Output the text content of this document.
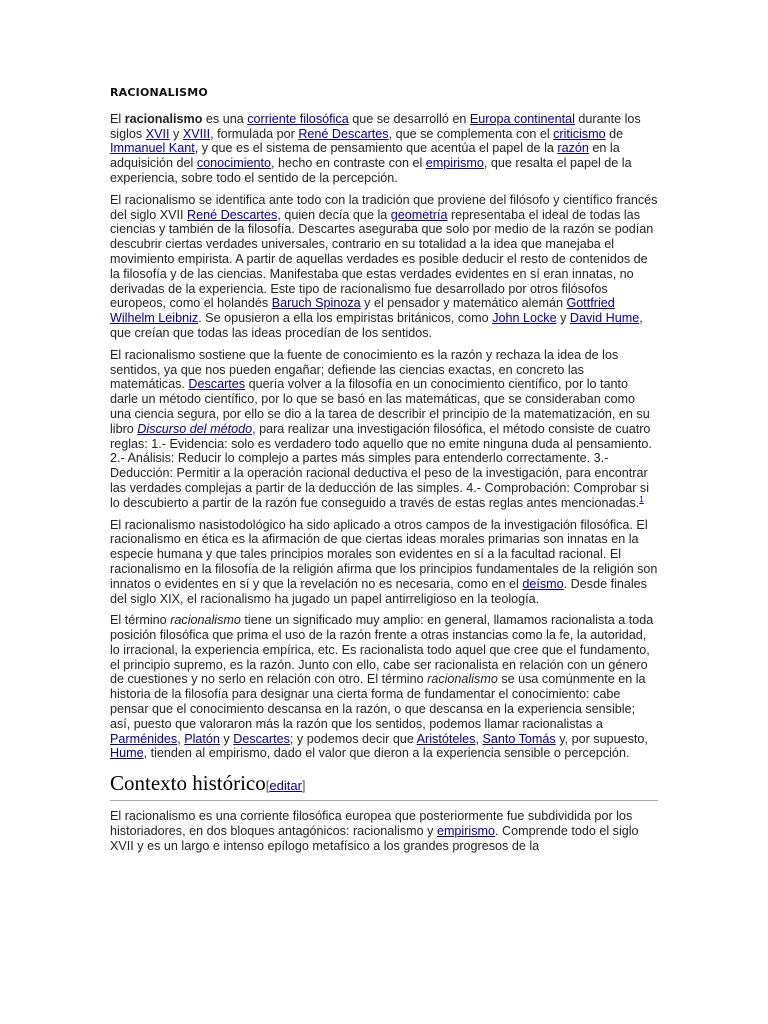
RACIONALISMO

El racionalismo es una corriente filosófica que se desarrolló en Europa continental durante los siglos XVII y XVIII, formulada por René Descartes, que se complementa con el criticismo de Immanuel Kant, y que es el sistema de pensamiento que acentúa el papel de la razón en la adquisición del conocimiento, hecho en contraste con el empirismo, que resalta el papel de la experiencia, sobre todo el sentido de la percepción.

El racionalismo se identifica ante todo con la tradición que proviene del filósofo y científico francés del siglo XVII René Descartes, quien decía que la geometría representaba el ideal de todas las ciencias y también de la filosofía. Descartes aseguraba que solo por medio de la razón se podían descubrir ciertas verdades universales, contrario en su totalidad a la idea que manejaba el movimiento empirista. A partir de aquellas verdades es posible deducir el resto de contenidos de la filosofía y de las ciencias. Manifestaba que estas verdades evidentes en sí eran innatas, no derivadas de la experiencia. Este tipo de racionalismo fue desarrollado por otros filósofos europeos, como el holandés Baruch Spinoza y el pensador y matemático alemán Gottfried Wilhelm Leibniz. Se opusieron a ella los empiristas británicos, como John Locke y David Hume, que creían que todas las ideas procedían de los sentidos.

El racionalismo sostiene que la fuente de conocimiento es la razón y rechaza la idea de los sentidos, ya que nos pueden engañar; defiende las ciencias exactas, en concreto las matemáticas. Descartes quería volver a la filosofía en un conocimiento científico, por lo tanto darle un método científico, por lo que se basó en las matemáticas, que se consideraban como una ciencia segura, por ello se dio a la tarea de describir el principio de la matematización, en su libro Discurso del método, para realizar una investigación filosófica, el método consiste de cuatro reglas: 1.- Evidencia: solo es verdadero todo aquello que no emite ninguna duda al pensamiento. 2.- Análisis: Reducir lo complejo a partes más simples para entenderlo correctamente. 3.- Deducción: Permitir a la operación racional deductiva el peso de la investigación, para encontrar las verdades complejas a partir de la deducción de las simples. 4.- Comprobación: Comprobar si lo descubierto a partir de la razón fue conseguido a través de estas reglas antes mencionadas.$^1$

El racionalismo nasistodológico ha sido aplicado a otros campos de la investigación filosófica. El racionalismo en ética es la afirmación de que ciertas ideas morales primarias son innatas en la especie humana y que tales principios morales son evidentes en sí a la facultad racional. El racionalismo en la filosofía de la religión afirma que los principios fundamentales de la religión son innatos o evidentes en sí y que la revelación no es necesaria, como en el deísmo. Desde finales del siglo XIX, el racionalismo ha jugado un papel antirreligioso en la teología.

El término racionalismo tiene un significado muy amplio: en general, llamamos racionalista a toda posición filosófica que prima el uso de la razón frente a otras instancias como la fe, la autoridad, lo irracional, la experiencia empírica, etc. Es racionalista todo aquel que cree que el fundamento, el principio supremo, es la razón. Junto con ello, cabe ser racionalista en relación con un género de cuestiones y no serlo en relación con otro. El término racionalismo se usa comúnmente en la historia de la filosofía para designar una cierta forma de fundamentar el conocimiento: cabe pensar que el conocimiento descansa en la razón, o que descansa en la experiencia sensible; así, puesto que valoraron más la razón que los sentidos, podemos llamar racionalistas a Parménides, Platón y Descartes; y podemos decir que Aristóteles, Santo Tomás y, por supuesto, Hume, tienden al empirismo, dado el valor que dieron a la experiencia sensible o percepción.

Contexto histórico[editar]

El racionalismo es una corriente filosófica europea que posteriormente fue subdividida por los historiadores, en dos bloques antagónicos: racionalismo y empirismo. Comprende todo el siglo XVII y es un largo e intenso epílogo metafísico a los grandes progresos de la
